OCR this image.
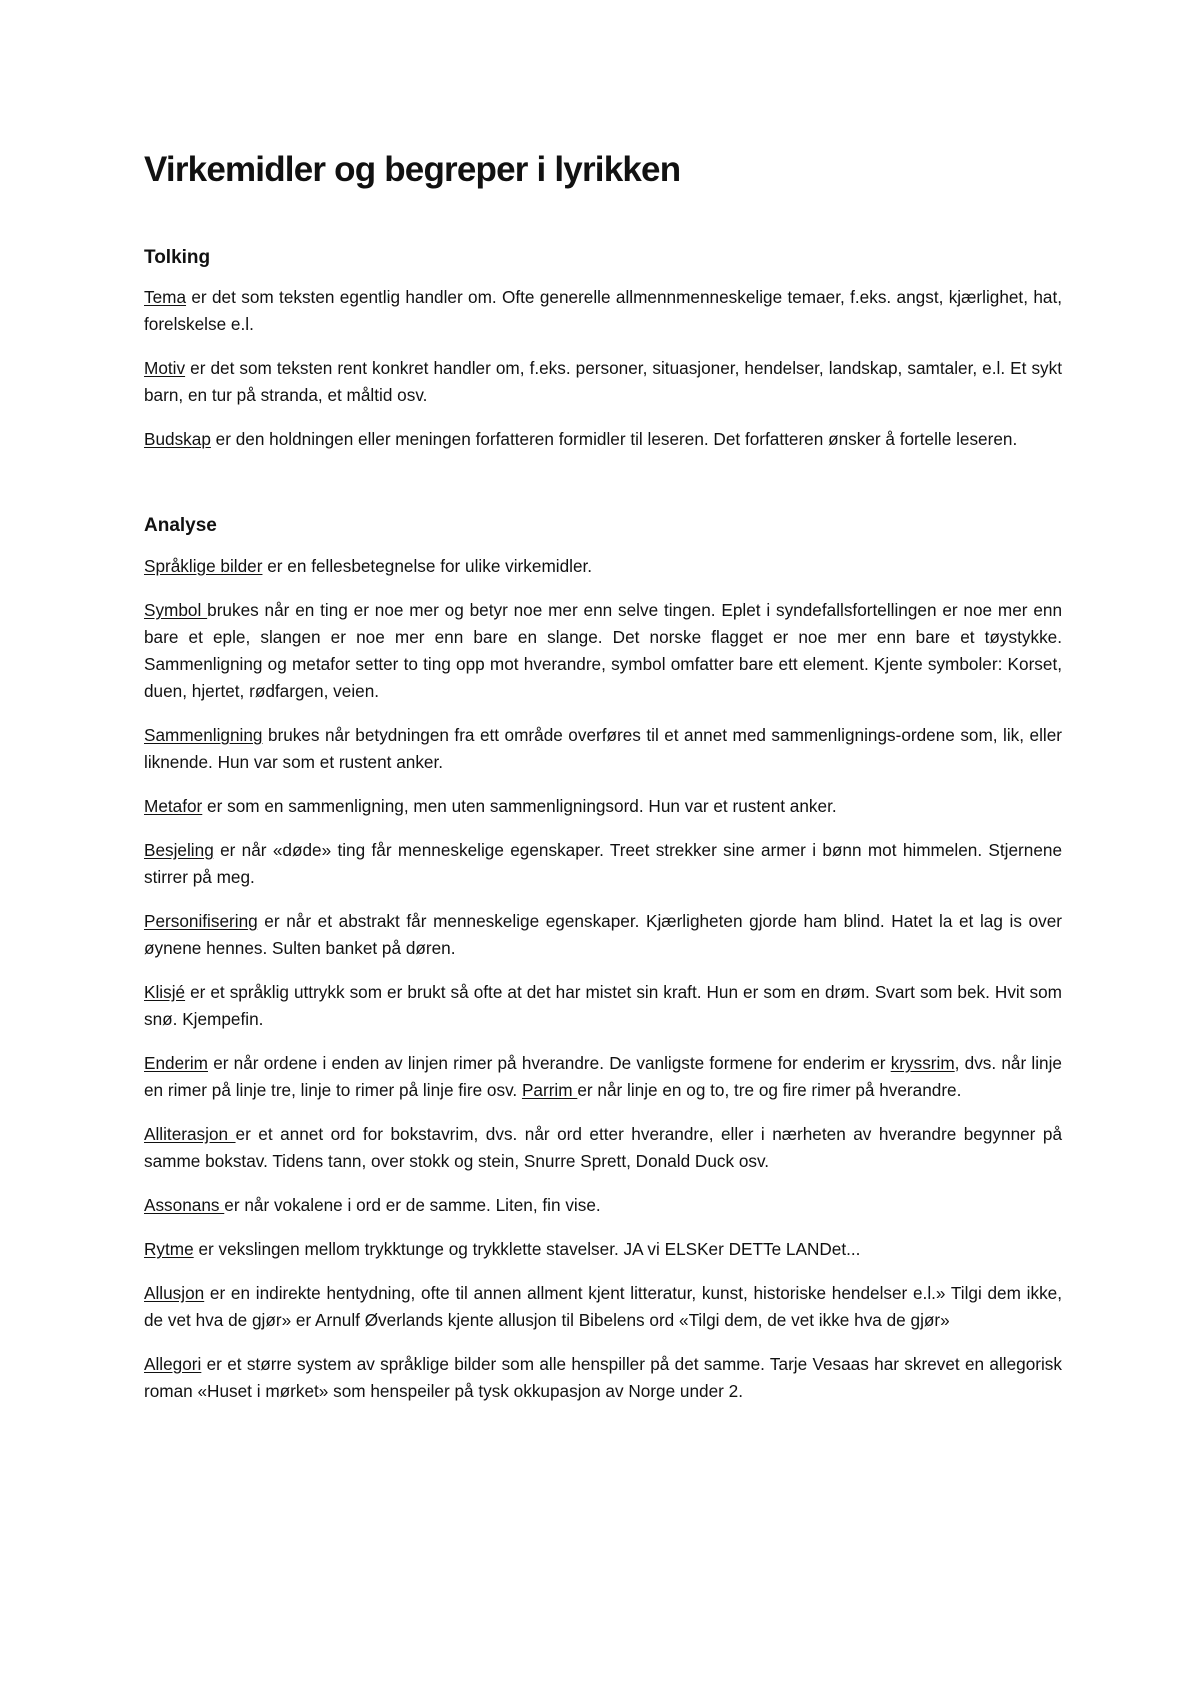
Virkemidler og begreper i lyrikken
Tolking

Tema er det som teksten egentlig handler om. Ofte generelle allmennmenneskelige temaer, f.eks. angst, kjærlighet, hat, forelskelse e.l.

Motiv er det som teksten rent konkret handler om, f.eks. personer, situasjoner, hendelser, landskap, samtaler, e.l. Et sykt barn, en tur på stranda, et måltid osv.

Budskap er den holdningen eller meningen forfatteren formidler til leseren. Det forfatteren ønsker å fortelle leseren.

Analyse

Språklige bilder er en fellesbetegnelse for ulike virkemidler.

Symbol brukes når en ting er noe mer og betyr noe mer enn selve tingen. Eplet i syndefallsfortellingen er noe mer enn bare et eple, slangen er noe mer enn bare en slange. Det norske flagget er noe mer enn bare et tøystykke. Sammenligning og metafor setter to ting opp mot hverandre, symbol omfatter bare ett element. Kjente symboler: Korset, duen, hjertet, rødfargen, veien.

Sammenligning brukes når betydningen fra ett område overføres til et annet med sammenlignings-ordene som, lik, eller liknende. Hun var som et rustent anker.

Metafor er som en sammenligning, men uten sammenligningsord. Hun var et rustent anker.

Besjeling er når «døde» ting får menneskelige egenskaper. Treet strekker sine armer i bønn mot himmelen. Stjernene stirrer på meg.

Personifisering er når et abstrakt får menneskelige egenskaper. Kjærligheten gjorde ham blind. Hatet la et lag is over øynene hennes. Sulten banket på døren.

Klisjé er et språklig uttrykk som er brukt så ofte at det har mistet sin kraft. Hun er som en drøm. Svart som bek. Hvit som snø. Kjempefin.

Enderim er når ordene i enden av linjen rimer på hverandre. De vanligste formene for enderim er kryssrim, dvs. når linje en rimer på linje tre, linje to rimer på linje fire osv. Parrim er når linje en og to, tre og fire rimer på hverandre.

Alliterasjon er et annet ord for bokstavrim, dvs. når ord etter hverandre, eller i nærheten av hverandre begynner på samme bokstav. Tidens tann, over stokk og stein, Snurre Sprett, Donald Duck osv.

Assonans er når vokalene i ord er de samme. Liten, fin vise.

Rytme er vekslingen mellom trykktunge og trykklette stavelser. JA vi ELSKer DETTe LANDet...

Allusjon er en indirekte hentydning, ofte til annen allment kjent litteratur, kunst, historiske hendelser e.l.» Tilgi dem ikke, de vet hva de gjør» er Arnulf Øverlands kjente allusjon til Bibelens ord «Tilgi dem, de vet ikke hva de gjør»

Allegori er et større system av språklige bilder som alle henspiller på det samme. Tarje Vesaas har skrevet en allegorisk roman «Huset i mørket» som henspeiler på tysk okkupasjon av Norge under 2.
